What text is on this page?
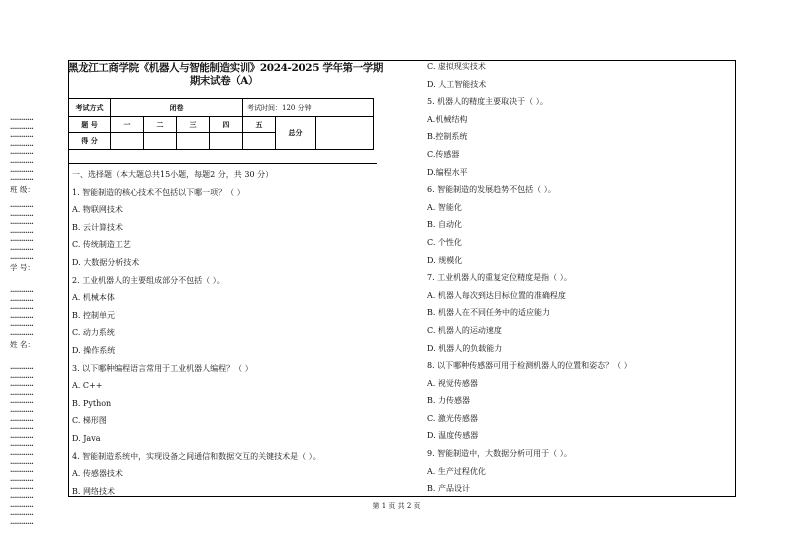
............
............
............
............
............
............
............
............
班 级：
............
............
............
............
............
............
............
学 号：
............
............
............
............
............
............
姓 名：
............
............
............
............
............
............
............
............
............
............
............
............
............
............
............
............
............
............
............
黑龙江工商学院《机器人与智能制造实训》2024-2025 学年第一学期
期末试卷（A）
考试方式	闭卷				考试时间：120 分钟		
题 号	一	二	三	四	五	总分	
得 分							
一、选择题（本大题总共15小题，每题2 分，共 30 分）
1. 智能制造的核心技术不包括以下哪一项？（ ）
A. 物联网技术
B. 云计算技术
C. 传统制造工艺
D. 大数据分析技术
2. 工业机器人的主要组成部分不包括（ ）。
A. 机械本体
B. 控制单元
C. 动力系统
D. 操作系统
3. 以下哪种编程语言常用于工业机器人编程？（ ）
A. C++
B. Python
C. 梯形图
D. Java
4. 智能制造系统中，实现设备之间通信和数据交互的关键技术是（ ）。
A. 传感器技术
B. 网络技术
C. 虚拟现实技术
D. 人工智能技术
5. 机器人的精度主要取决于（ ）。
A.机械结构
B.控制系统
C.传感器
D.编程水平
6. 智能制造的发展趋势不包括（ ）。
A. 智能化
B. 自动化
C. 个性化
D. 规模化
7. 工业机器人的重复定位精度是指（ ）。
A. 机器人每次到达目标位置的准确程度
B. 机器人在不同任务中的适应能力
C. 机器人的运动速度
D. 机器人的负载能力
8. 以下哪种传感器可用于检测机器人的位置和姿态？（ ）
A. 视觉传感器
B. 力传感器
C. 激光传感器
D. 温度传感器
9. 智能制造中，大数据分析可用于（ ）。
A. 生产过程优化
B. 产品设计
第 1 页 共 2 页
